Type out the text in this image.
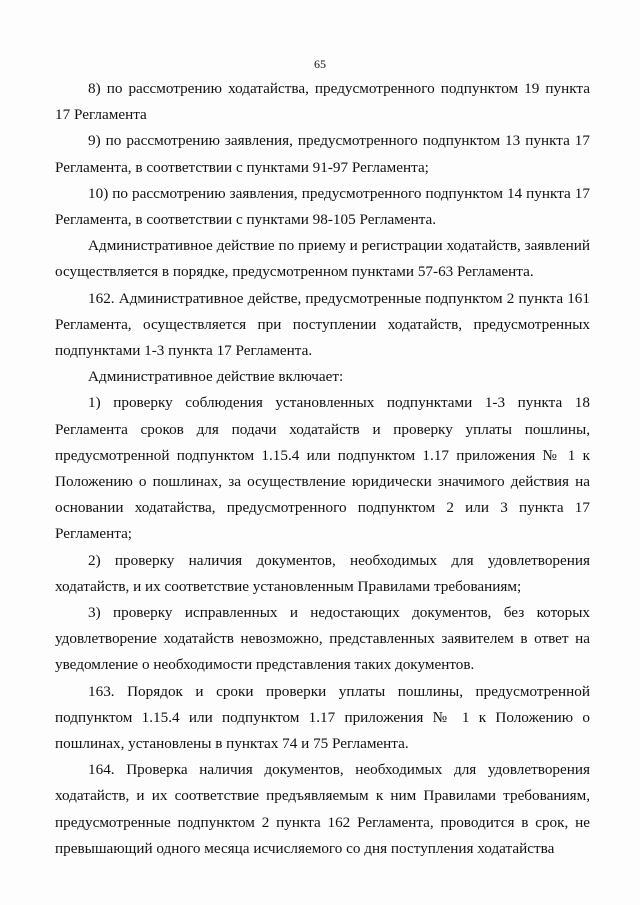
65

8) по рассмотрению ходатайства, предусмотренного подпунктом 19 пункта 17 Регламента

9) по рассмотрению заявления, предусмотренного подпунктом 13 пункта 17 Регламента, в соответствии с пунктами 91-97 Регламента;

10) по рассмотрению заявления, предусмотренного подпунктом 14 пункта 17 Регламента, в соответствии с пунктами 98-105 Регламента.

Административное действие по приему и регистрации ходатайств, заявлений осуществляется в порядке, предусмотренном пунктами 57-63 Регламента.

162. Административное действе, предусмотренные подпунктом 2 пункта 161 Регламента, осуществляется при поступлении ходатайств, предусмотренных подпунктами 1-3 пункта 17 Регламента.

Административное действие включает:

1) проверку соблюдения установленных подпунктами 1-3 пункта 18 Регламента сроков для подачи ходатайств и проверку уплаты пошлины, предусмотренной подпунктом 1.15.4 или подпунктом 1.17 приложения № 1 к Положению о пошлинах, за осуществление юридически значимого действия на основании ходатайства, предусмотренного подпунктом 2 или 3 пункта 17 Регламента;

2) проверку наличия документов, необходимых для удовлетворения ходатайств, и их соответствие установленным Правилами требованиям;

3) проверку исправленных и недостающих документов, без которых удовлетворение ходатайств невозможно, представленных заявителем в ответ на уведомление о необходимости представления таких документов.

163. Порядок и сроки проверки уплаты пошлины, предусмотренной подпунктом 1.15.4 или подпунктом 1.17 приложения № 1 к Положению о пошлинах, установлены в пунктах 74 и 75 Регламента.

164. Проверка наличия документов, необходимых для удовлетворения ходатайств, и их соответствие предъявляемым к ним Правилами требованиям, предусмотренные подпунктом 2 пункта 162 Регламента, проводится в срок, не превышающий одного месяца исчисляемого со дня поступления ходатайства
